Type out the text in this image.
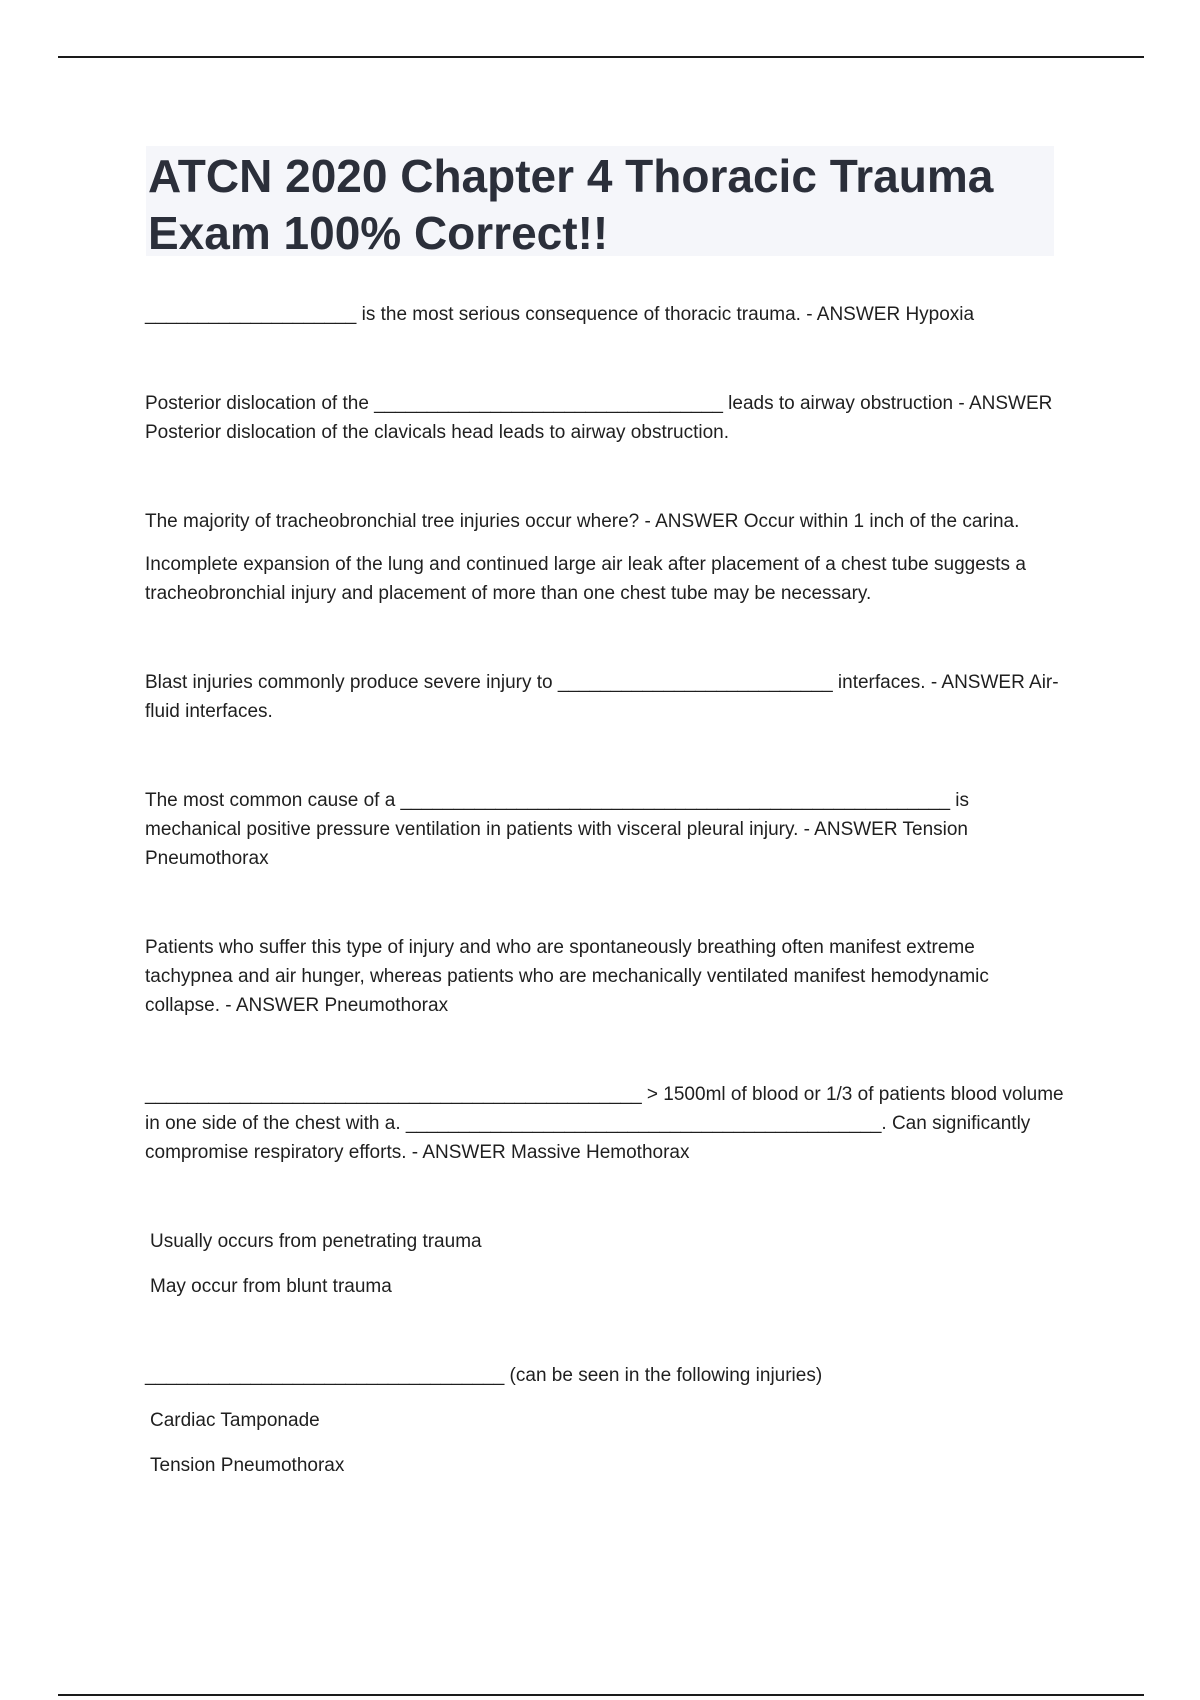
ATCN 2020 Chapter 4 Thoracic Trauma Exam 100% Correct!!

____________________ is the most serious consequence of thoracic trauma. - ANSWER Hypoxia

Posterior dislocation of the _________________________________ leads to airway obstruction - ANSWER Posterior dislocation of the clavicals head leads to airway obstruction.

The majority of tracheobronchial tree injuries occur where? - ANSWER Occur within 1 inch of the carina.

Incomplete expansion of the lung and continued large air leak after placement of a chest tube suggests a tracheobronchial injury and placement of more than one chest tube may be necessary.

Blast injuries commonly produce severe injury to __________________________ interfaces. - ANSWER Air-fluid interfaces.

The most common cause of a ____________________________________________________ is mechanical positive pressure ventilation in patients with visceral pleural injury. - ANSWER Tension Pneumothorax

Patients who suffer this type of injury and who are spontaneously breathing often manifest extreme tachypnea and air hunger, whereas patients who are mechanically ventilated manifest hemodynamic collapse. - ANSWER Pneumothorax

_______________________________________________ > 1500ml of blood or 1/3 of patients blood volume in one side of the chest with a. _____________________________________________. Can significantly compromise respiratory efforts. - ANSWER Massive Hemothorax

Usually occurs from penetrating trauma

May occur from blunt trauma

__________________________________ (can be seen in the following injuries)

Cardiac Tamponade

Tension Pneumothorax
